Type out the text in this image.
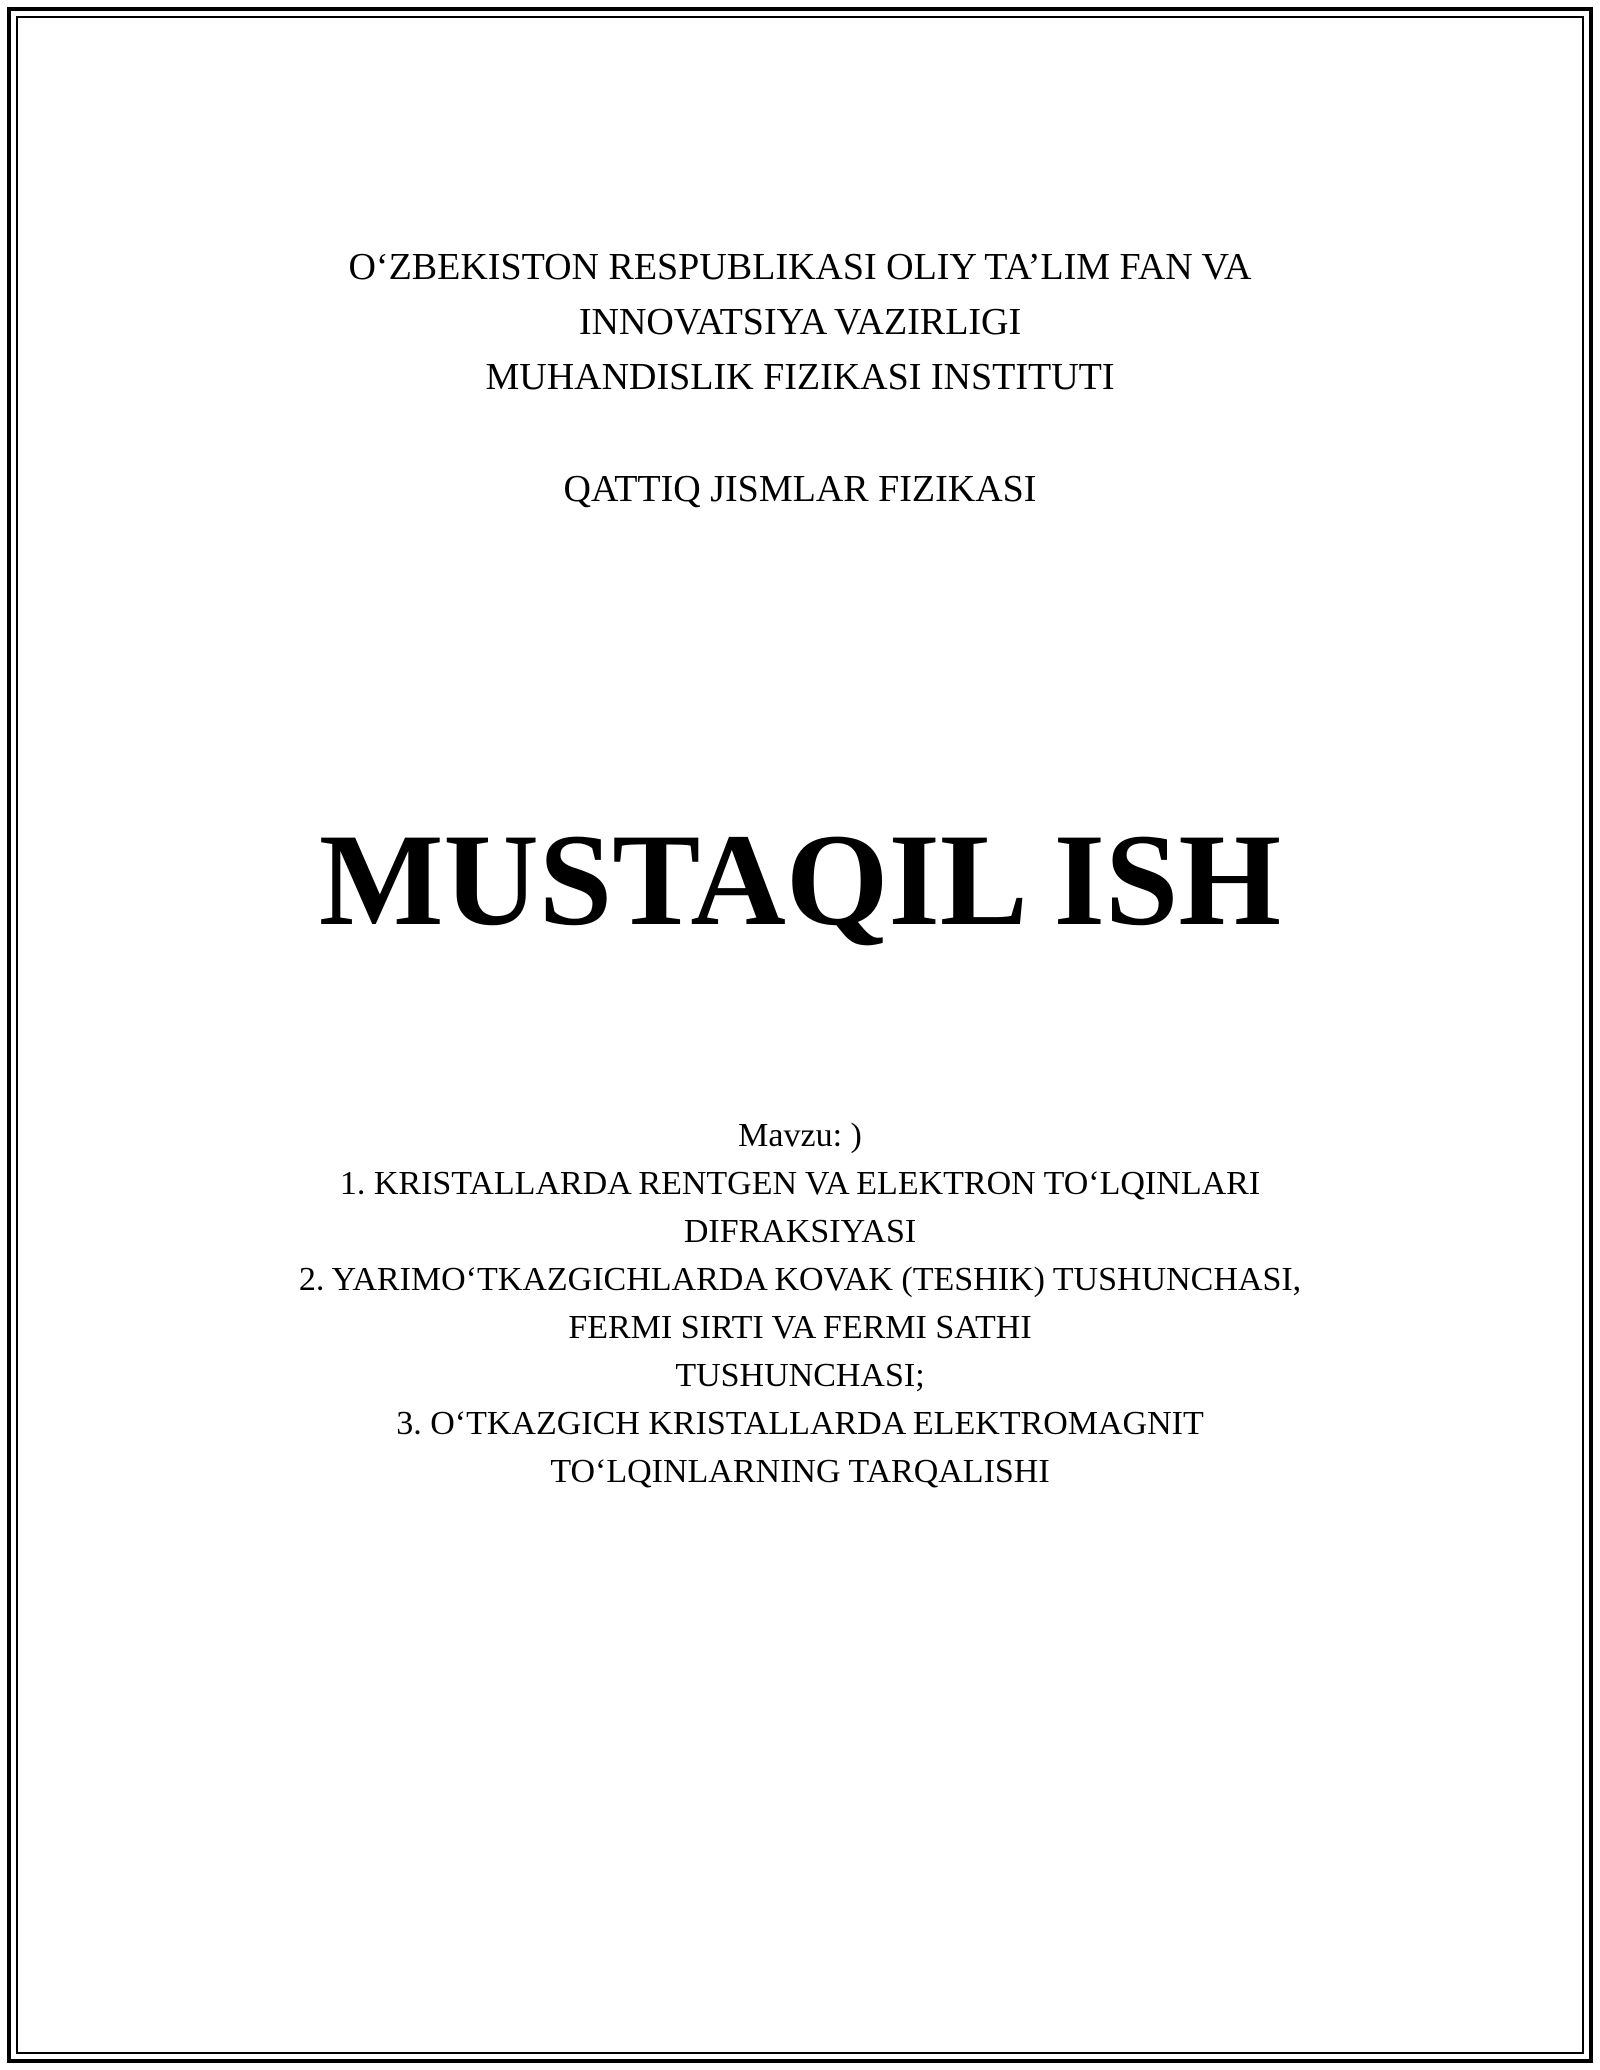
O‘ZBEKISTON RESPUBLIKASI OLIY TA’LIM FAN VA
INNOVATSIYA VAZIRLIGI
MUHANDISLIK FIZIKASI INSTITUTI
QATTIQ JISMLAR FIZIKASI
MUSTAQIL ISH
Mavzu: )
1. KRISTALLARDA RENTGEN VA ELEKTRON TO‘LQINLARI
DIFRAKSIYASI
2. YARIMO‘TKAZGICHLARDA KOVAK (TESHIK) TUSHUNCHASI,
FERMI SIRTI VA FERMI SATHI
TUSHUNCHASI;
3. O‘TKAZGICH KRISTALLARDA ELEKTROMAGNIT
TO‘LQINLARNING TARQALISHI
